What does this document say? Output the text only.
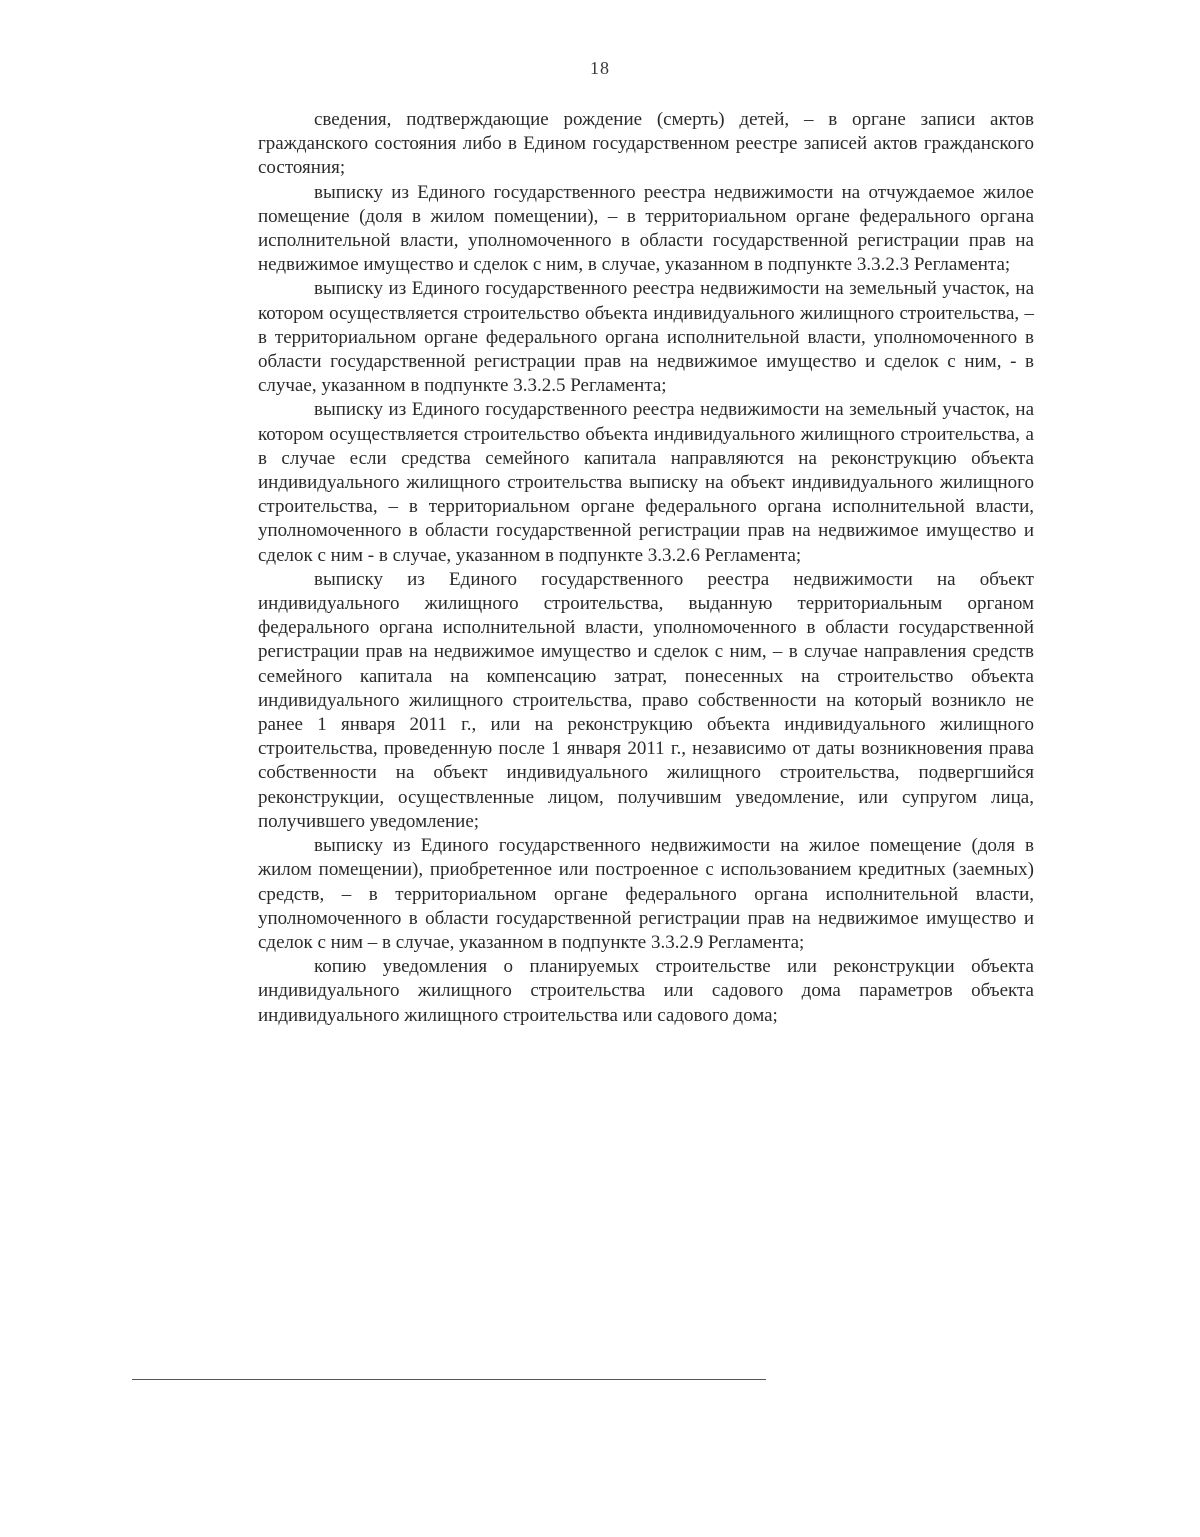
18

сведения, подтверждающие рождение (смерть) детей, – в органе записи актов гражданского состояния либо в Едином государственном реестре записей актов гражданского состояния;

выписку из Единого государственного реестра недвижимости на отчуждаемое жилое помещение (доля в жилом помещении), – в территориальном органе федерального органа исполнительной власти, уполномоченного в области государственной регистрации прав на недвижимое имущество и сделок с ним, в случае, указанном в подпункте 3.3.2.3 Регламента;

выписку из Единого государственного реестра недвижимости на земельный участок, на котором осуществляется строительство объекта индивидуального жилищного строительства, – в территориальном органе федерального органа исполнительной власти, уполномоченного в области государственной регистрации прав на недвижимое имущество и сделок с ним, - в случае, указанном в подпункте 3.3.2.5 Регламента;

выписку из Единого государственного реестра недвижимости на земельный участок, на котором осуществляется строительство объекта индивидуального жилищного строительства, а в случае если средства семейного капитала направляются на реконструкцию объекта индивидуального жилищного строительства выписку на объект индивидуального жилищного строительства, – в территориальном органе федерального органа исполнительной власти, уполномоченного в области государственной регистрации прав на недвижимое имущество и сделок с ним - в случае, указанном в подпункте 3.3.2.6 Регламента;

выписку из Единого государственного реестра недвижимости на объект индивидуального жилищного строительства, выданную территориальным органом федерального органа исполнительной власти, уполномоченного в области государственной регистрации прав на недвижимое имущество и сделок с ним, – в случае направления средств семейного капитала на компенсацию затрат, понесенных на строительство объекта индивидуального жилищного строительства, право собственности на который возникло не ранее 1 января 2011 г., или на реконструкцию объекта индивидуального жилищного строительства, проведенную после 1 января 2011 г., независимо от даты возникновения права собственности на объект индивидуального жилищного строительства, подвергшийся реконструкции, осуществленные лицом, получившим уведомление, или супругом лица, получившего уведомление;

выписку из Единого государственного недвижимости на жилое помещение (доля в жилом помещении), приобретенное или построенное с использованием кредитных (заемных) средств, – в территориальном органе федерального органа исполнительной власти, уполномоченного в области государственной регистрации прав на недвижимое имущество и сделок с ним – в случае, указанном в подпункте 3.3.2.9 Регламента;

копию уведомления о планируемых строительстве или реконструкции объекта индивидуального жилищного строительства или садового дома параметров объекта индивидуального жилищного строительства или садового дома;
